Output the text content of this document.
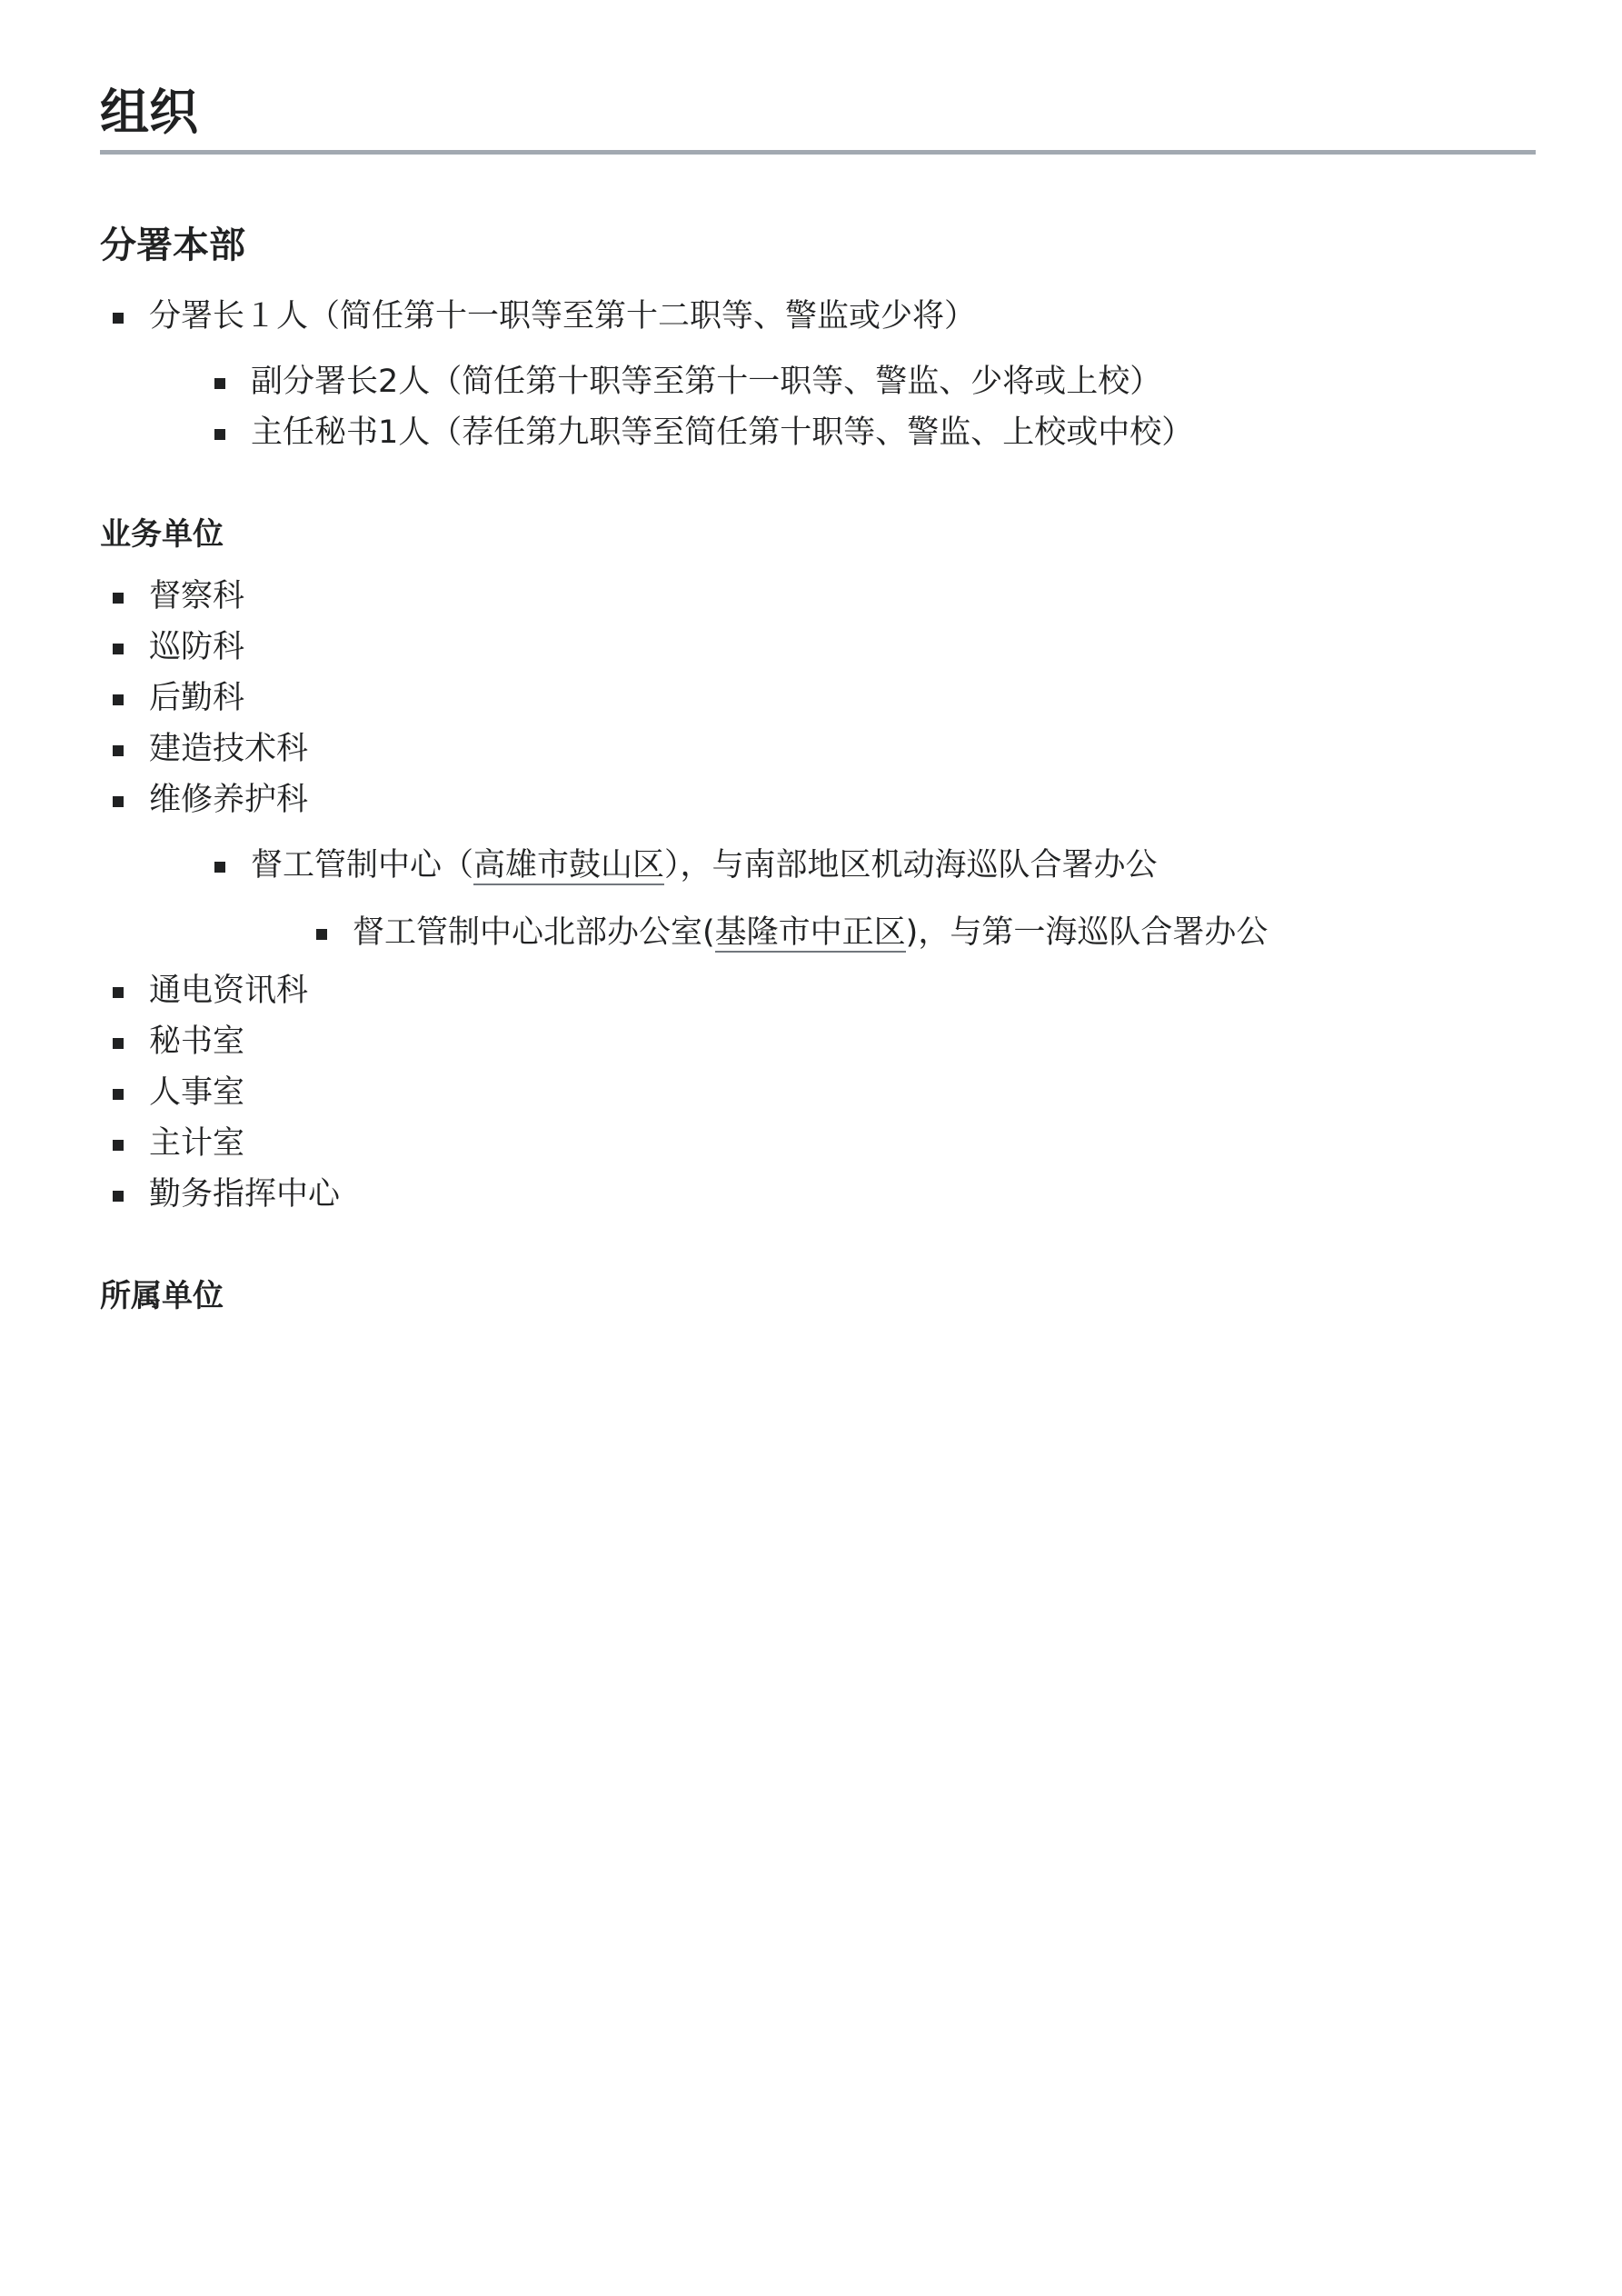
组织
分署本部
分署长１人（简任第十一职等至第十二职等、警监或少将）
副分署长2人（简任第十职等至第十一职等、警监、少将或上校）
主任秘书1人（荐任第九职等至简任第十职等、警监、上校或中校）
业务单位
督察科
巡防科
后勤科
建造技术科
维修养护科
督工管制中心（高雄市鼓山区），与南部地区机动海巡队合署办公
督工管制中心北部办公室(基隆市中正区)，与第一海巡队合署办公
通电资讯科
秘书室
人事室
主计室
勤务指挥中心
所属单位
